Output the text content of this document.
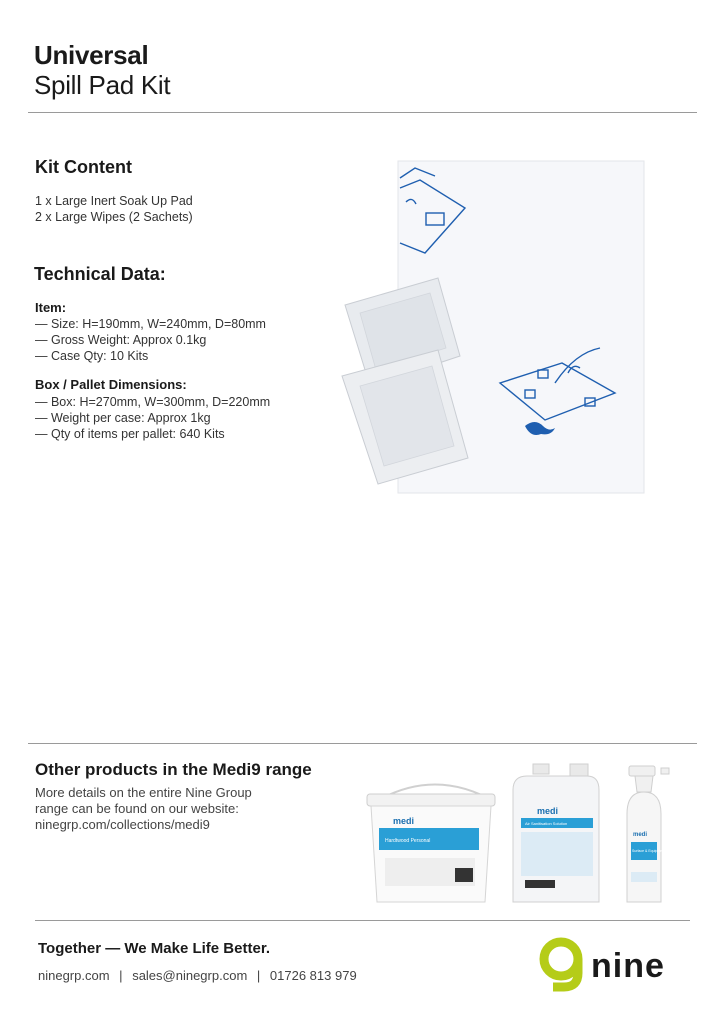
Universal
Spill Pad Kit
Kit Content
1 x Large Inert Soak Up Pad
2 x Large Wipes (2 Sachets)
Technical Data:
Item:
— Size: H=190mm, W=240mm, D=80mm
— Gross Weight: Approx 0.1kg
— Case Qty: 10 Kits
Box / Pallet Dimensions:
— Box: H=270mm, W=300mm, D=220mm
— Weight per case: Approx 1kg
— Qty of items per pallet: 640 Kits
Other products in the Medi9 range
More details on the entire Nine Group
range can be found on our website:
ninegrp.com/collections/medi9	medi
Hardtwood Personal
medi
Air Sanitisation Solution
medi
Surface & Equipment
Together — We Make Life Better.
ninegrp.com | sales@ninegrp.com | 01726 813 979	nine
